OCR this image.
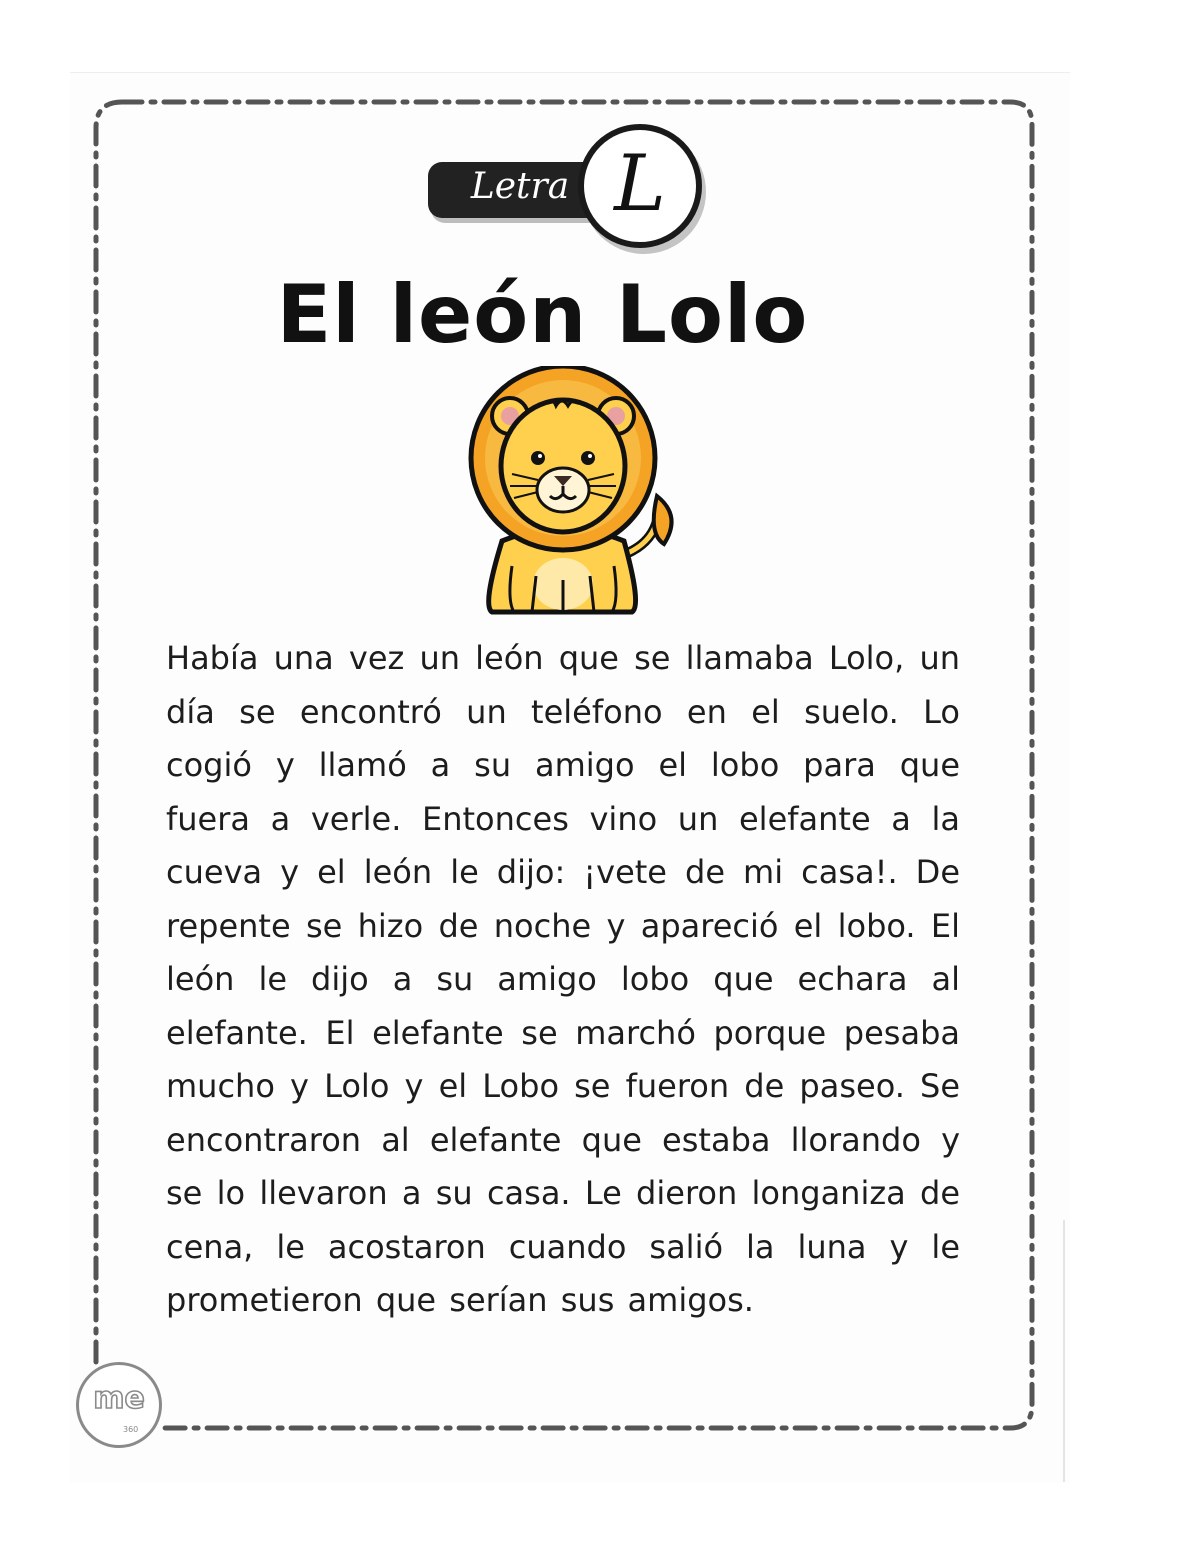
Letra L
El león Lolo

Había una vez un león que se llamaba Lolo, un día se encontró un teléfono en el suelo. Lo cogió y llamó a su amigo el lobo para que fuera a verle. Entonces vino un elefante a la cueva y el león le dijo: ¡vete de mi casa!. De repente se hizo de noche y apareció el lobo. El león le dijo a su amigo lobo que echara al elefante. El elefante se marchó porque pesaba mucho y Lolo y el Lobo se fueron de paseo. Se encontraron al elefante que estaba llorando y se lo llevaron a su casa. Le dieron longaniza de cena, le acostaron cuando salió la luna y le prometieron que serían sus amigos.

me
360
